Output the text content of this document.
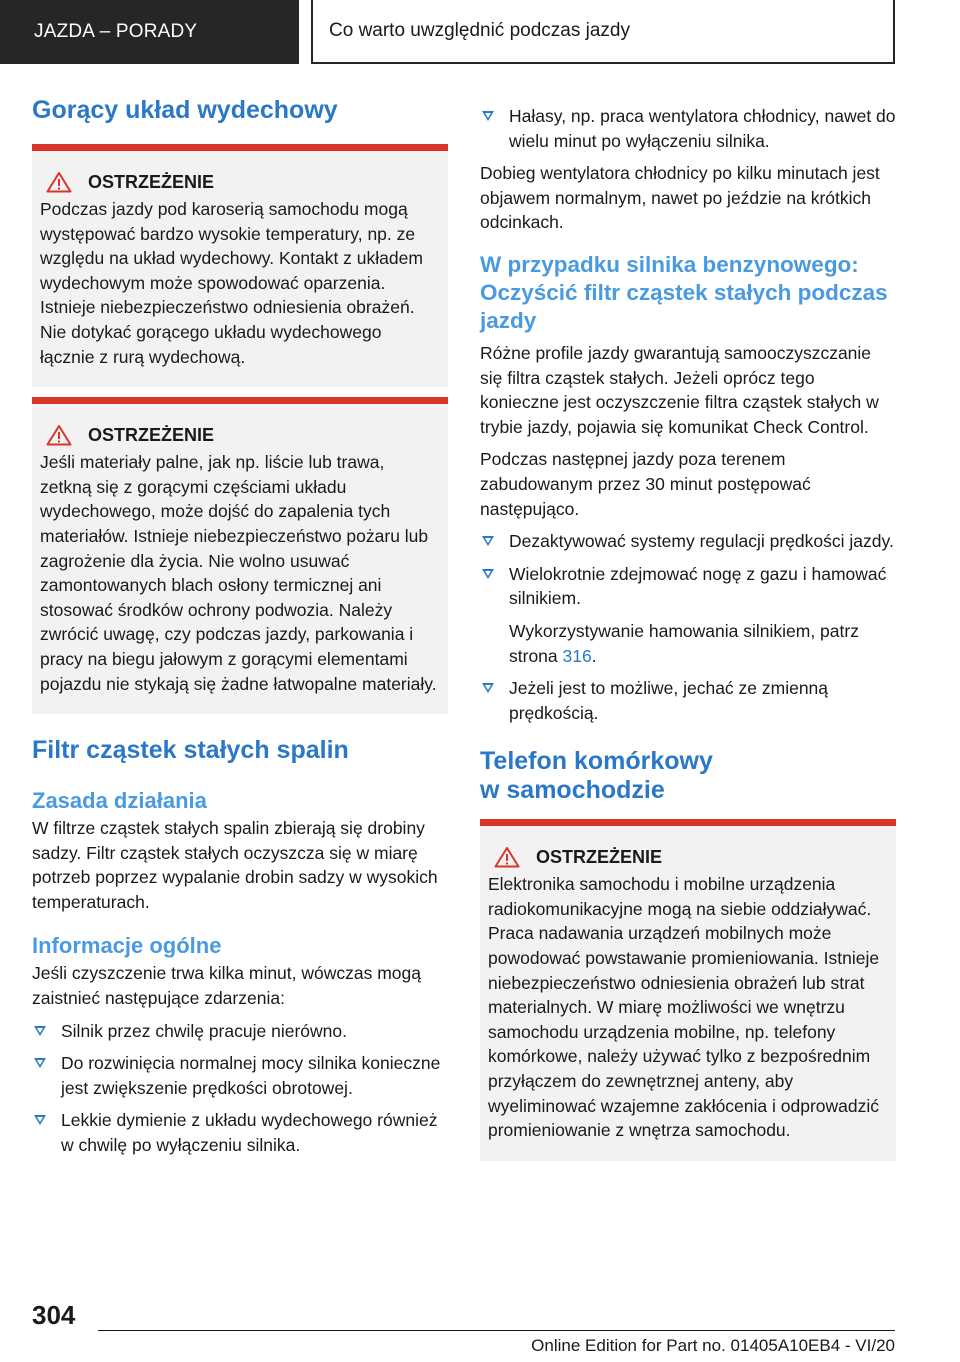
JAZDA – PORADY	Co warto uwzględnić podczas jazdy
Gorący układ wydechowy
OSTRZEŻENIE

Podczas jazdy pod karoserią samochodu mogą występować bardzo wysokie temperatury, np. ze względu na układ wydechowy. Kontakt z układem wydechowym może spowodować oparzenia. Istnieje niebezpieczeństwo odniesienia obrażeń. Nie dotykać gorącego układu wydechowego łącznie z rurą wydechową.

OSTRZEŻENIE

Jeśli materiały palne, jak np. liście lub trawa, zetkną się z gorącymi częściami układu wydechowego, może dojść do zapalenia tych materiałów. Istnieje niebezpieczeństwo pożaru lub zagrożenie dla życia. Nie wolno usuwać zamontowanych blach osłony termicznej ani stosować środków ochrony podwozia. Należy zwrócić uwagę, czy podczas jazdy, parkowania i pracy na biegu jałowym z gorącymi elementami pojazdu nie stykają się żadne łatwopalne materiały.

Filtr cząstek stałych spalin
Zasada działania

W filtrze cząstek stałych spalin zbierają się drobiny sadzy. Filtr cząstek stałych oczyszcza się w miarę potrzeb poprzez wypalanie drobin sadzy w wysokich temperaturach.

Informacje ogólne

Jeśli czyszczenie trwa kilka minut, wówczas mogą zaistnieć następujące zdarzenia:

Silnik przez chwilę pracuje nierówno.
Do rozwinięcia normalnej mocy silnika konieczne jest zwiększenie prędkości obrotowej.
Lekkie dymienie z układu wydechowego również w chwilę po wyłączeniu silnika.
Hałasy, np. praca wentylatora chłodnicy, nawet do wielu minut po wyłączeniu silnika.

Dobieg wentylatora chłodnicy po kilku minutach jest objawem normalnym, nawet po jeździe na krótkich odcinkach.

W przypadku silnika benzynowego: Oczyścić filtr cząstek stałych podczas jazdy

Różne profile jazdy gwarantują samooczyszczanie się filtra cząstek stałych. Jeżeli oprócz tego konieczne jest oczyszczenie filtra cząstek stałych w trybie jazdy, pojawia się komunikat Check Control.

Podczas następnej jazdy poza terenem zabudowanym przez 30 minut postępować następująco.

Dezaktywować systemy regulacji prędkości jazdy.
Wielokrotnie zdejmować nogę z gazu i hamować silnikiem.
Wykorzystywanie hamowania silnikiem, patrz strona 316.
Jeżeli jest to możliwe, jechać ze zmienną prędkością.
Telefon komórkowy
w samochodzie
OSTRZEŻENIE

Elektronika samochodu i mobilne urządzenia radiokomunikacyjne mogą na siebie oddziaływać. Praca nadawania urządzeń mobilnych może powodować powstawanie promieniowania. Istnieje niebezpieczeństwo odniesienia obrażeń lub strat materialnych. W miarę możliwości we wnętrzu samochodu urządzenia mobilne, np. telefony komórkowe, należy używać tylko z bezpośrednim przyłączem do zewnętrznej anteny, aby wyeliminować wzajemne zakłócenia i odprowadzić promieniowanie z wnętrza samochodu.

304
Online Edition for Part no. 01405A10EB4 - VI/20
